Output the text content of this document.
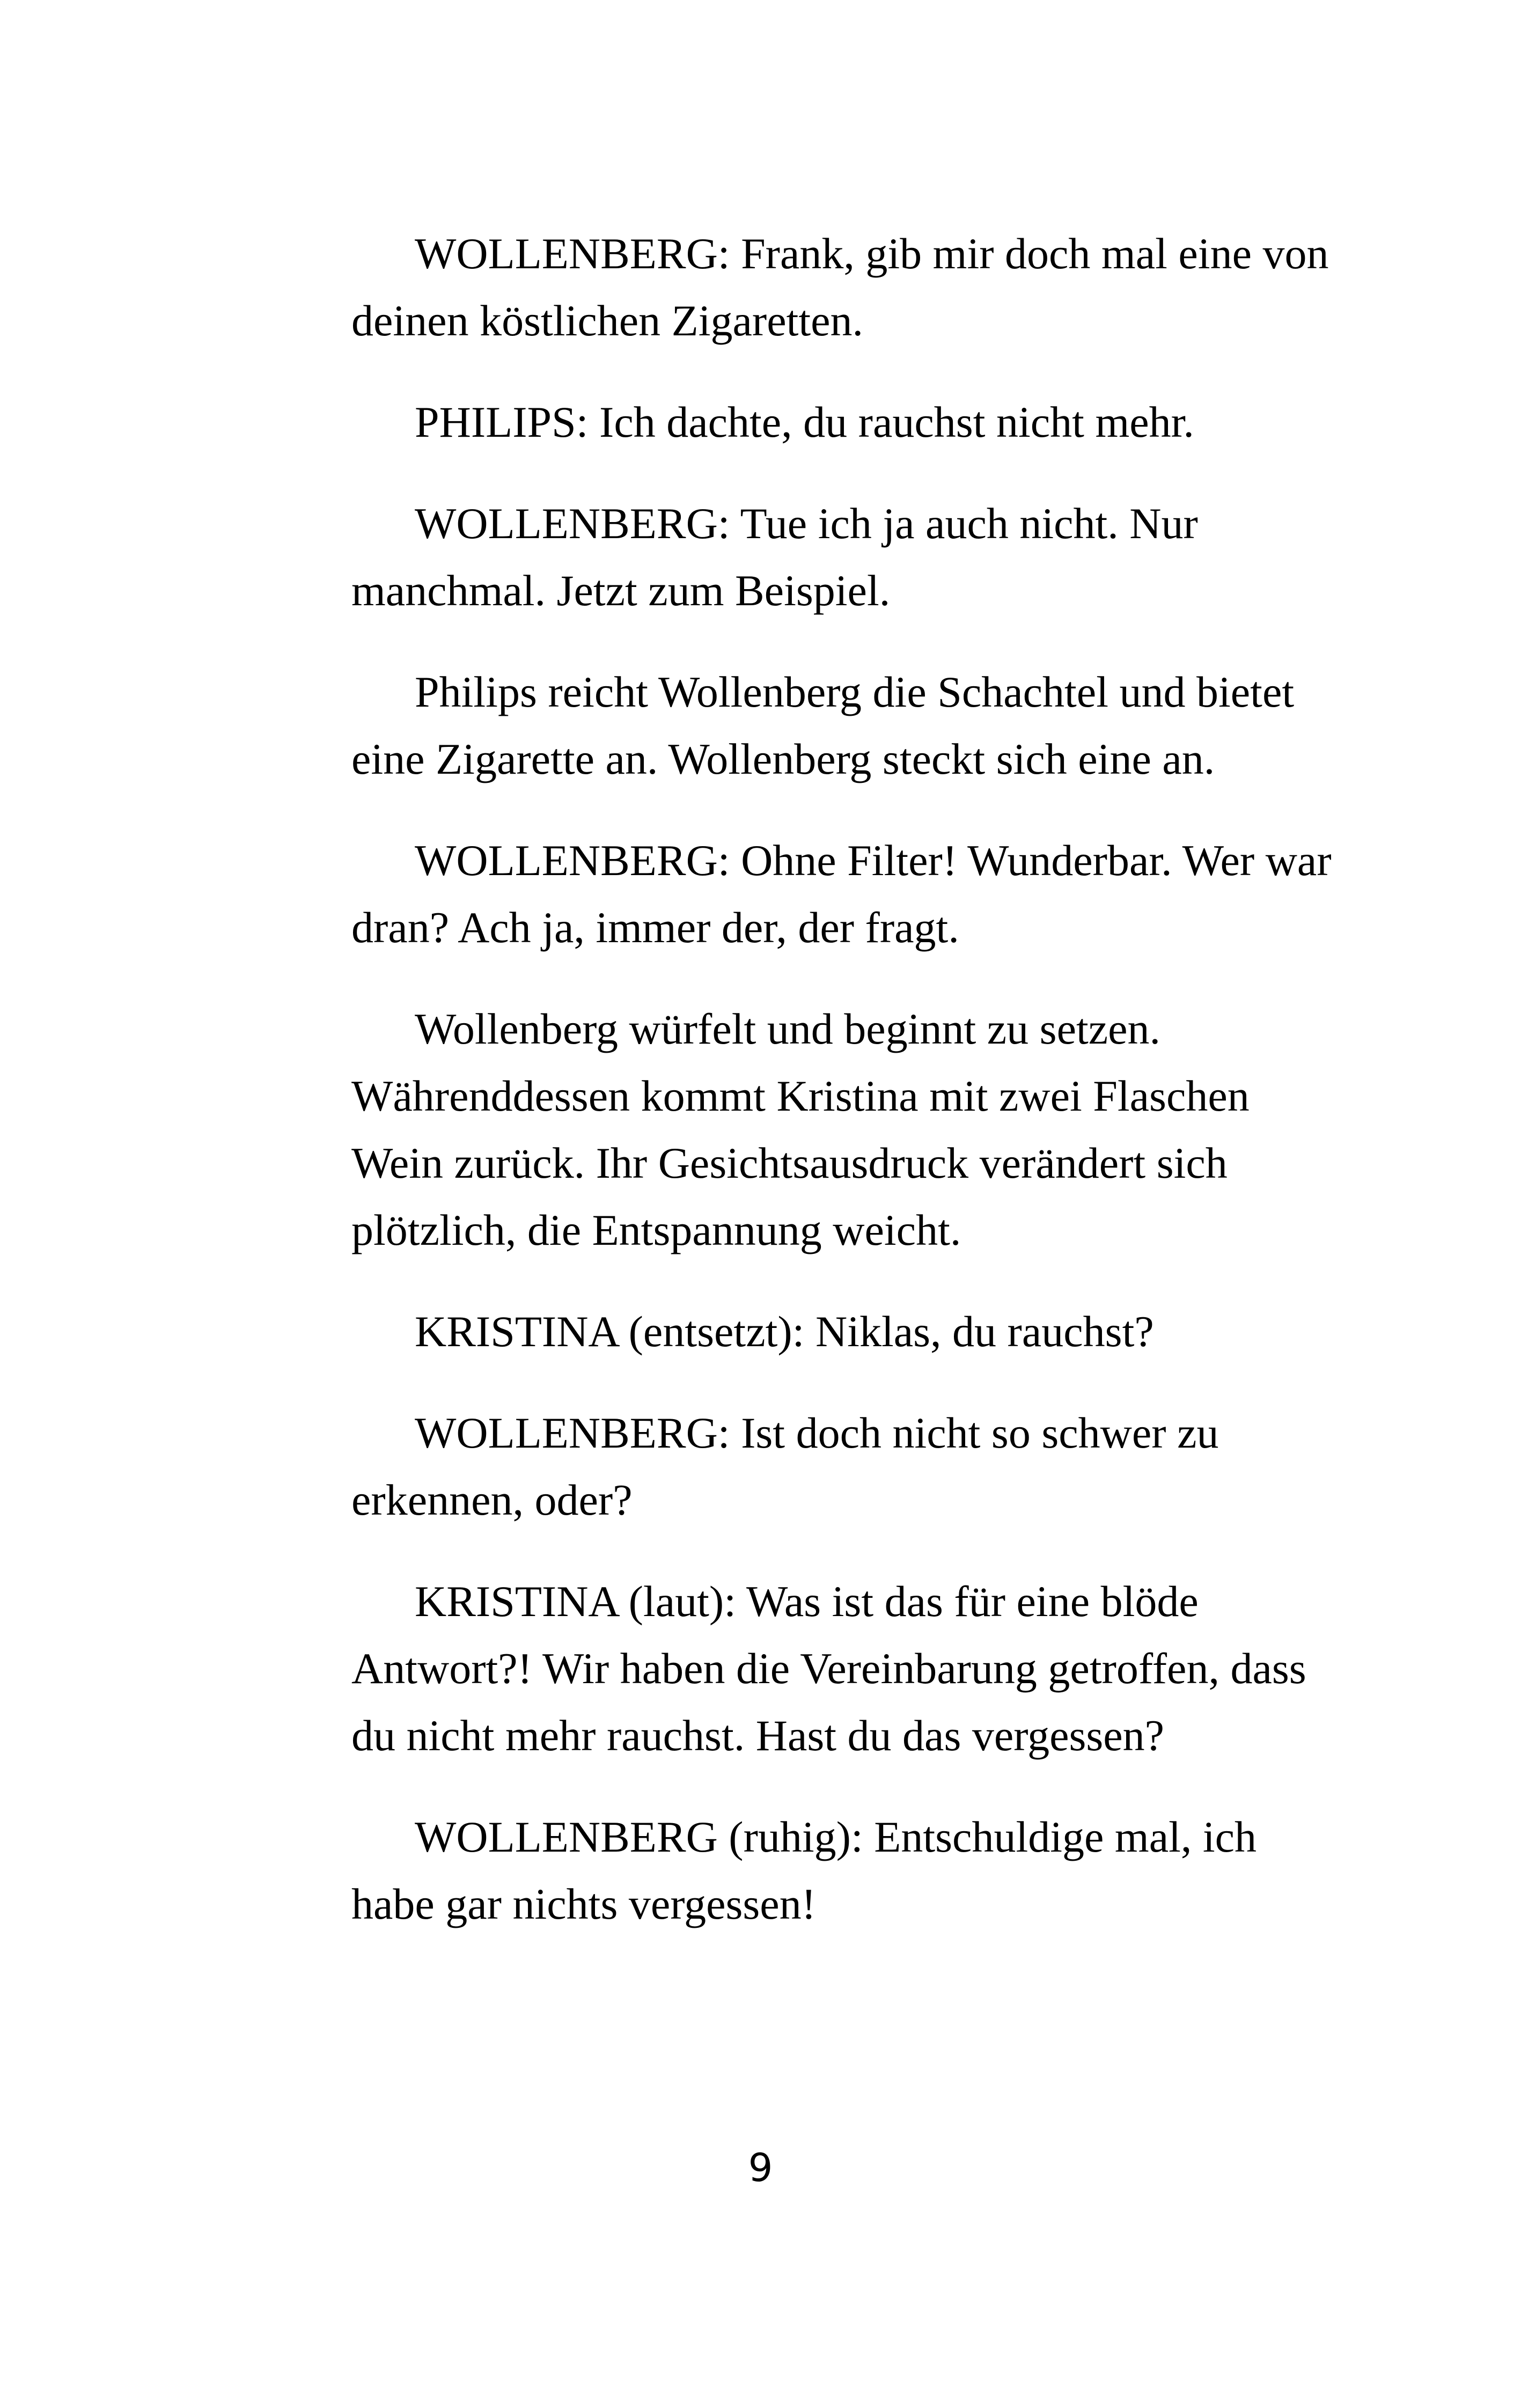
WOLLENBERG: Frank, gib mir doch mal eine von deinen köstlichen Zigaretten.

PHILIPS: Ich dachte, du rauchst nicht mehr.

WOLLENBERG: Tue ich ja auch nicht. Nur manchmal. Jetzt zum Beispiel.

Philips reicht Wollenberg die Schachtel und bietet eine Zigarette an. Wollenberg steckt sich eine an.

WOLLENBERG: Ohne Filter! Wunderbar. Wer war dran? Ach ja, immer der, der fragt.

Wollenberg würfelt und beginnt zu setzen. Währenddessen kommt Kristina mit zwei Flaschen Wein zurück. Ihr Gesichtsausdruck verändert sich plötzlich, die Entspannung weicht.

KRISTINA (entsetzt): Niklas, du rauchst?

WOLLENBERG: Ist doch nicht so schwer zu erkennen, oder?

KRISTINA (laut): Was ist das für eine blöde Antwort?! Wir haben die Vereinbarung getroffen, dass du nicht mehr rauchst. Hast du das vergessen?

WOLLENBERG (ruhig): Entschuldige mal, ich habe gar nichts vergessen!

9
